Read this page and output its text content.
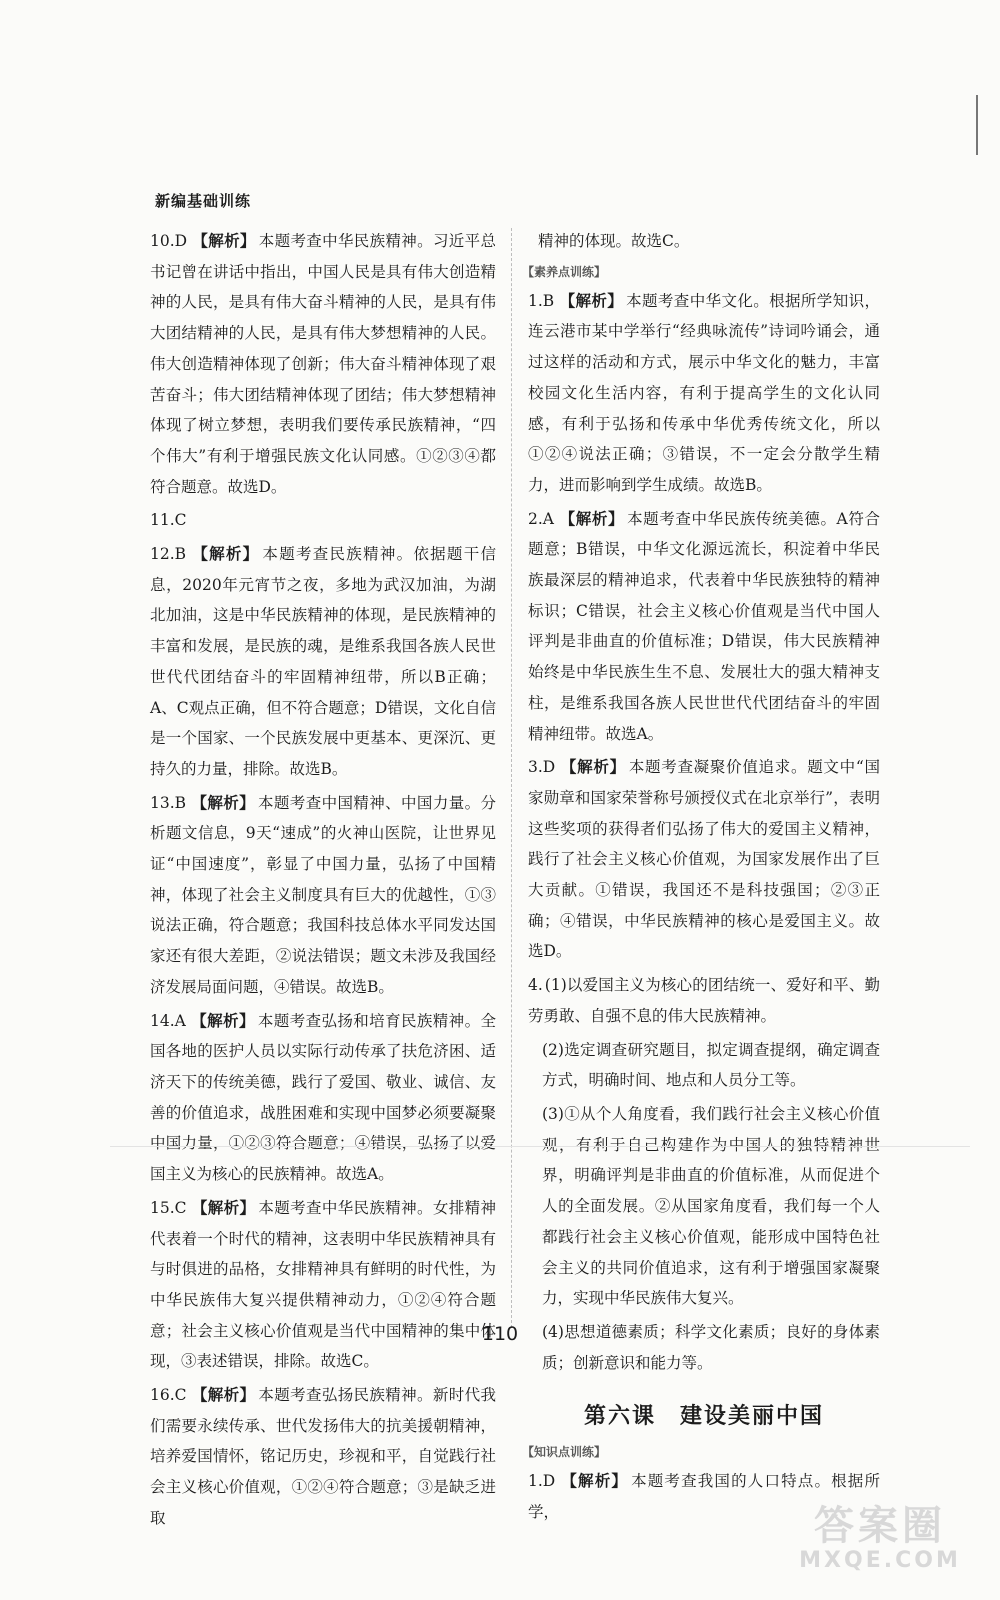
新编基础训练
10.D 【解析】 本题考查中华民族精神。习近平总书记曾在讲话中指出，中国人民是具有伟大创造精神的人民，是具有伟大奋斗精神的人民，是具有伟大团结精神的人民，是具有伟大梦想精神的人民。伟大创造精神体现了创新；伟大奋斗精神体现了艰苦奋斗；伟大团结精神体现了团结；伟大梦想精神体现了树立梦想，表明我们要传承民族精神，“四个伟大”有利于增强民族文化认同感。①②③④都符合题意。故选D。
11.C
12.B 【解析】 本题考查民族精神。依据题干信息，2020年元宵节之夜，多地为武汉加油，为湖北加油，这是中华民族精神的体现，是民族精神的丰富和发展，是民族的魂，是维系我国各族人民世世代代团结奋斗的牢固精神纽带，所以B正确；A、C观点正确，但不符合题意；D错误，文化自信是一个国家、一个民族发展中更基本、更深沉、更持久的力量，排除。故选B。
13.B 【解析】 本题考查中国精神、中国力量。分析题文信息，9天“速成”的火神山医院，让世界见证“中国速度”，彰显了中国力量，弘扬了中国精神，体现了社会主义制度具有巨大的优越性，①③说法正确，符合题意；我国科技总体水平同发达国家还有很大差距，②说法错误；题文未涉及我国经济发展局面问题，④错误。故选B。
14.A 【解析】 本题考查弘扬和培育民族精神。全国各地的医护人员以实际行动传承了扶危济困、适济天下的传统美德，践行了爱国、敬业、诚信、友善的价值追求，战胜困难和实现中国梦必须要凝聚中国力量，①②③符合题意；④错误，弘扬了以爱国主义为核心的民族精神。故选A。
15.C 【解析】 本题考查中华民族精神。女排精神代表着一个时代的精神，这表明中华民族精神具有与时俱进的品格，女排精神具有鲜明的时代性，为中华民族伟大复兴提供精神动力，①②④符合题意；社会主义核心价值观是当代中国精神的集中体现，③表述错误，排除。故选C。
16.C 【解析】 本题考查弘扬民族精神。新时代我们需要永续传承、世代发扬伟大的抗美援朝精神，培养爱国情怀，铭记历史，珍视和平，自觉践行社会主义核心价值观，①②④符合题意；③是缺乏进取
精神的体现。故选C。
【素养点训练】
1.B 【解析】 本题考查中华文化。根据所学知识，连云港市某中学举行“经典咏流传”诗词吟诵会，通过这样的活动和方式，展示中华文化的魅力，丰富校园文化生活内容，有利于提高学生的文化认同感，有利于弘扬和传承中华优秀传统文化，所以①②④说法正确；③错误，不一定会分散学生精力，进而影响到学生成绩。故选B。
2.A 【解析】 本题考查中华民族传统美德。A符合题意；B错误，中华文化源远流长，积淀着中华民族最深层的精神追求，代表着中华民族独特的精神标识；C错误，社会主义核心价值观是当代中国人评判是非曲直的价值标准；D错误，伟大民族精神始终是中华民族生生不息、发展壮大的强大精神支柱，是维系我国各族人民世世代代团结奋斗的牢固精神纽带。故选A。
3.D 【解析】 本题考查凝聚价值追求。题文中“国家勋章和国家荣誉称号颁授仪式在北京举行”，表明这些奖项的获得者们弘扬了伟大的爱国主义精神，践行了社会主义核心价值观，为国家发展作出了巨大贡献。①错误，我国还不是科技强国；②③正确；④错误，中华民族精神的核心是爱国主义。故选D。
4. (1)以爱国主义为核心的团结统一、爱好和平、勤劳勇敢、自强不息的伟大民族精神。
(2)选定调查研究题目，拟定调查提纲，确定调查方式，明确时间、地点和人员分工等。
(3)①从个人角度看，我们践行社会主义核心价值观，有利于自己构建作为中国人的独特精神世界，明确评判是非曲直的价值标准，从而促进个人的全面发展。②从国家角度看，我们每一个人都践行社会主义核心价值观，能形成中国特色社会主义的共同价值追求，这有利于增强国家凝聚力，实现中华民族伟大复兴。
(4)思想道德素质；科学文化素质；良好的身体素质；创新意识和能力等。
第六课　建设美丽中国
【知识点训练】
1.D 【解析】 本题考查我国的人口特点。根据所学，
110
答案圈
MXQE.COM
